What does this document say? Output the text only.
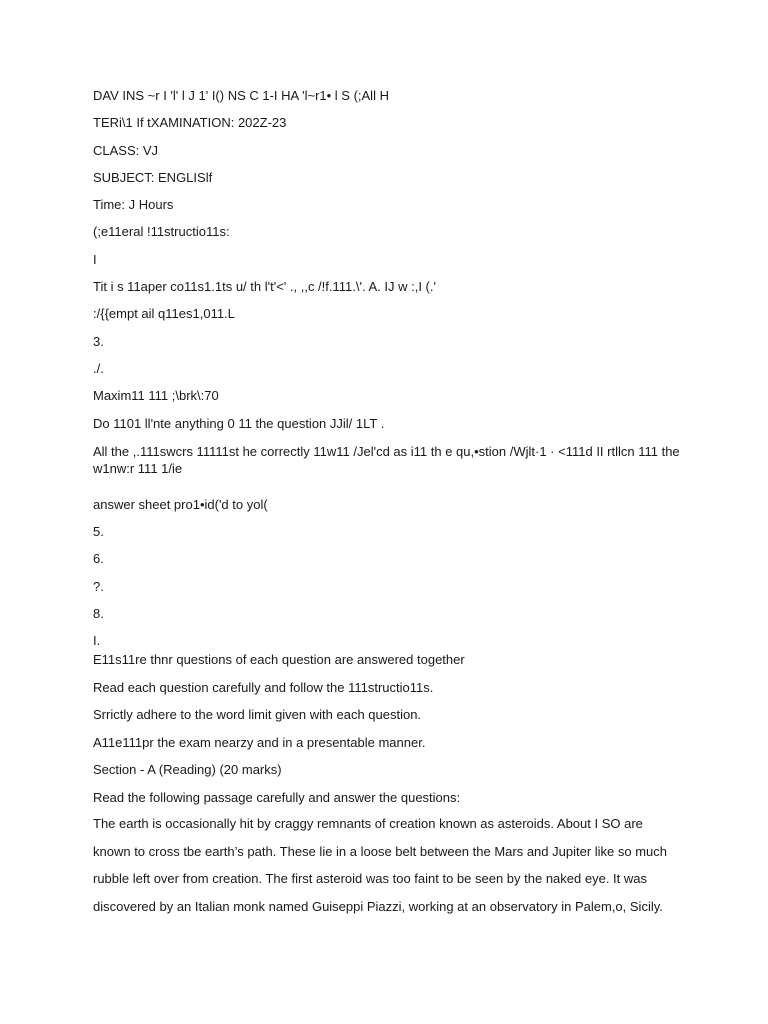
DAV INS ~r I 'l' l J 1' I() NS C 1-I HA 'l~r1• l S (;All H
TERi\1 If tXAMINATION: 202Z-23
CLASS: VJ
SUBJECT: ENGLISlf
Time: J Hours
(;e11eral !11structio11s:
I
Tit i s 11aper co11s1.1ts u/ th l't'<' ., ,,c /!f.111.\'. A. IJ w :,I (.'
:/{{empt ail q11es1,011.L
3.
./.
Maxim11 111 ;\brk\:70
Do 1101 ll'nte anything 0 11 the question JJil/ 1LT .
All the ,.111swcrs 11111st he correctly 11w11 /Jel'cd as i11 th e qu,•stion /Wjlt·1 · <111d II rtllcn 111 the w1nw:r 111 1/ie
answer sheet pro1•id('d to yol(
5.
6.
?.
8.
I.
E11s11re thnr questions of each question are answered together
Read each question carefully and follow the 111structio11s.
Srrictly adhere to the word limit given with each question.
A11e111pr the exam nearzy and in a presentable manner.
Section - A (Reading) (20 marks)
Read the following passage carefully and answer the questions:
The earth is occasionally hit by craggy remnants of creation known as asteroids. About I SO are
known to cross tbe earth’s path. These lie in a loose belt between the Mars and Jupiter like so much
rubble left over from creation. The first asteroid was too faint to be seen by the naked eye. It was
discovered by an Italian monk named Guiseppi Piazzi, working at an observatory in Palem,o, Sicily.
